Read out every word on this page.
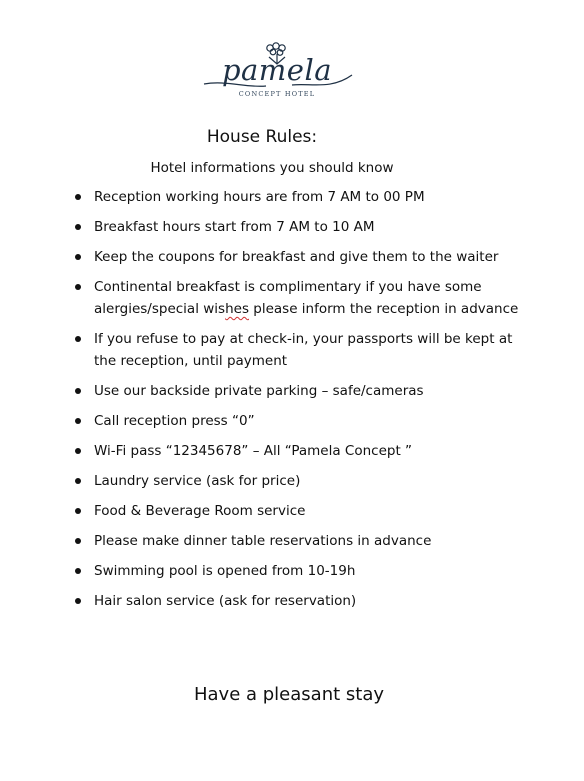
pamela
CONCEPT HOTEL
House Rules:
Hotel informations you should know
Reception working hours are from 7 AM to 00 PM
Breakfast hours start from 7 AM to 10 AM
Keep the coupons for breakfast and give them to the waiter
Continental breakfast is complimentary if you have some
alergies/special wishes please inform the reception in advance
If you refuse to pay at check-in, your passports will be kept at the reception, until payment
Use our backside private parking – safe/cameras
Call reception press “0”
Wi-Fi pass “12345678” – All “Pamela Concept ”
Laundry service (ask for price)
Food & Beverage Room service
Please make dinner table reservations in advance
Swimming pool is opened from 10-19h
Hair salon service (ask for reservation)
Have a pleasant stay
